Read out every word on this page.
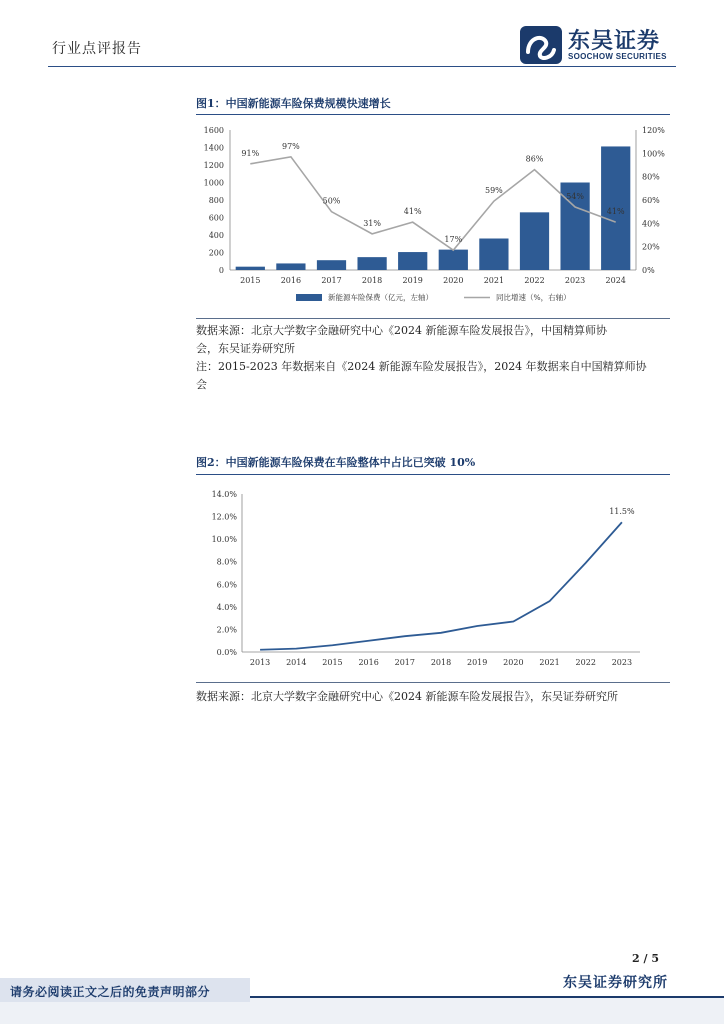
行业点评报告	东吴证券
SOOCHOW SECURITIES
图1：中国新能源车险保费规模快速增长
0
200
400
600
800
1000
1200
1400
1600
0%
20%
40%
60%
80%
100%
120%
2015	2016	2017	2018	2019	2020	2021	2022	2023	2024
91%
97%
50%
31%
41%
17%
59%
86%
54%
41%
新能源车险保费（亿元，左轴）	同比增速（%，右轴）
数据来源：北京大学数字金融研究中心《2024 新能源车险发展报告》，中国精算师协
会，东吴证券研究所
注：2015-2023 年数据来自《2024 新能源车险发展报告》，2024 年数据来自中国精算师协
会
图2：中国新能源车险保费在车险整体中占比已突破 10%
0.0%
2.0%
4.0%
6.0%
8.0%
10.0%
12.0%
14.0%
2013 2014 2015 2016 2017 2018 2019 2020 2021 2022 2023
11.5%
数据来源：北京大学数字金融研究中心《2024 新能源车险发展报告》，东吴证券研究所
2 / 5
东吴证券研究所
请务必阅读正文之后的免责声明部分
